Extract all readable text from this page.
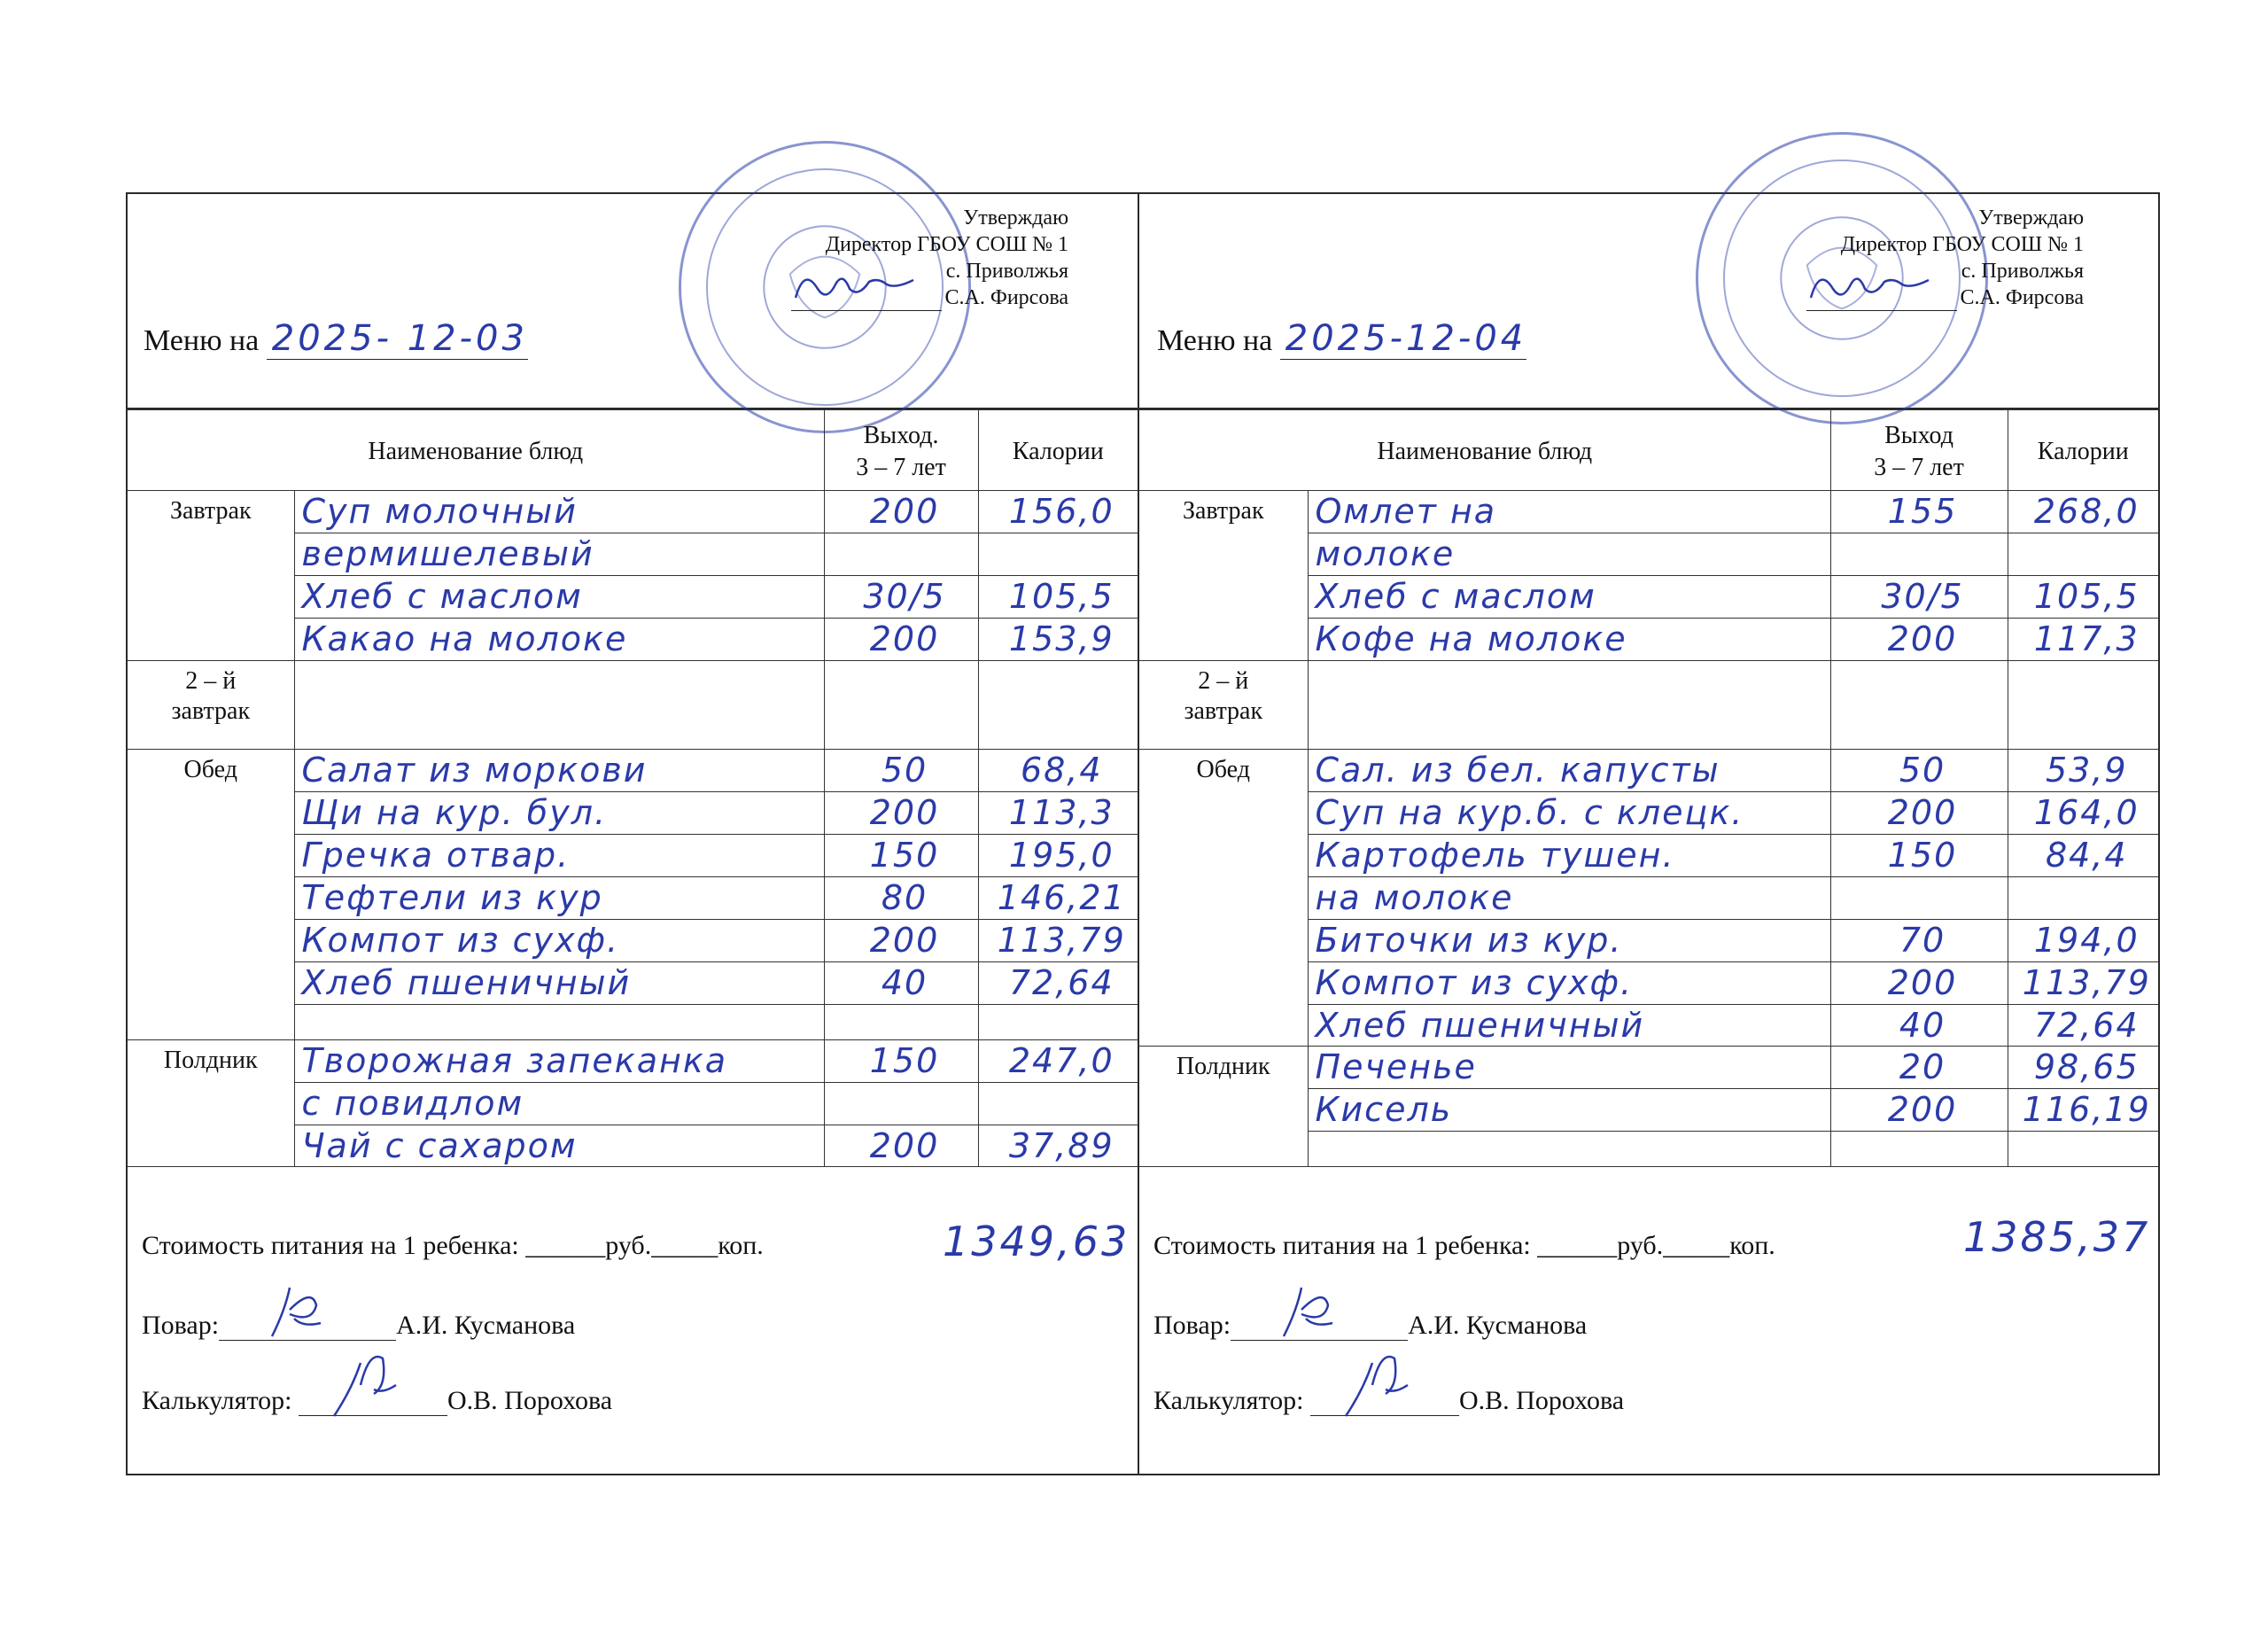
Утверждаю
Директор ГБОУ СОШ № 1
с. Приволжья
С.А. Фирсова
Меню на 2025- 12-03
Наименование блюд		Выход.
3 – 7 лет	Калории
Завтрак	Суп молочный	200	156,0
	вермишелевый		
	Хлеб с маслом	30/5	105,5
	Какао на молоке	200	153,9
2 – й
завтрак			
Обед	Салат из моркови	50	68,4
	Щи на кур. бул.	200	113,3
	Гречка отвар.	150	195,0
	Тефтели из кур	80	146,21
	Компот из сухф.	200	113,79
	Хлеб пшеничный	40	72,64

Полдник	Творожная запеканка	150	247,0
	с повидлом		
	Чай с сахаром	200	37,89
1349,63
Стоимость питания на 1 ребенка: ______руб._____коп.
Повар:	А.И. Кусманова
Калькулятор:	О.В. Порохова
Утверждаю
Директор ГБОУ СОШ № 1
с. Приволжья
С.А. Фирсова
Меню на 2025-12-04
Наименование блюд		Выход
3 – 7 лет	Калории
Завтрак	Омлет на	155	268,0
	молоке		
	Хлеб с маслом	30/5	105,5
	Кофе на молоке	200	117,3
2 – й
завтрак			
Обед	Сал. из бел. капусты	50	53,9
	Суп на кур.б. с клецк.	200	164,0
	Картофель тушен.	150	84,4
	на молоке		
	Биточки из кур.	70	194,0
	Компот из сухф.	200	113,79
	Хлеб пшеничный	40	72,64
Полдник	Печенье	20	98,65
	Кисель	200	116,19

1385,37
Стоимость питания на 1 ребенка: ______руб._____коп.
Повар:	А.И. Кусманова
Калькулятор:	О.В. Порохова
